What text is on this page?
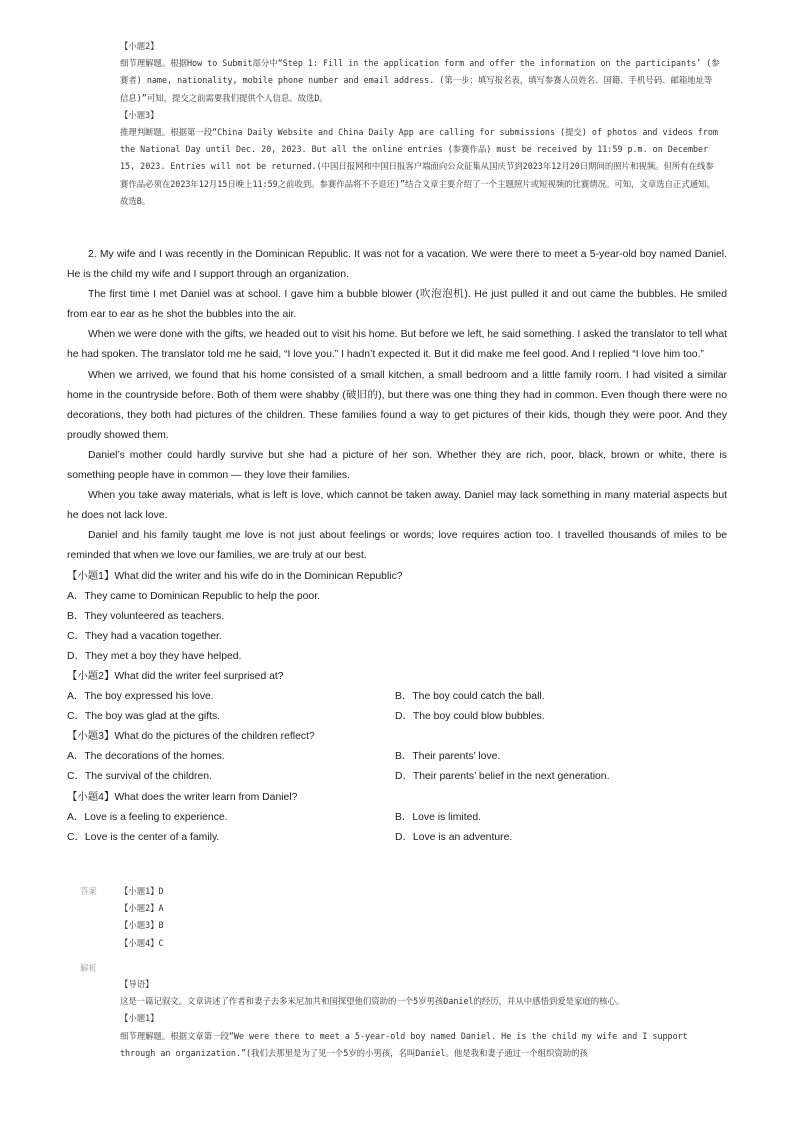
【小题2】
细节理解题。根据How to Submit部分中“Step 1: Fill in the application form and offer the information on the participants’ (参赛者) name, nationality, mobile phone number and email address. (第一步：填写报名表，填写参赛人员姓名、国籍、手机号码、邮箱地址等信息)”可知，提交之前需要我们提供个人信息。故选D。
【小题3】
推理判断题。根据第一段“China Daily Website and China Daily App are calling for submissions (提交) of photos and videos from the National Day until Dec. 20, 2023. But all the online entries (参赛作品) must be received by 11:59 p.m. on December 15, 2023. Entries will not be returned.(中国日报网和中国日报客户端面向公众征集从国庆节到2023年12月20日期间的照片和视频。但所有在线参赛作品必须在2023年12月15日晚上11:59之前收到。参赛作品将不予退还)”结合文章主要介绍了一个主题照片或短视频的比赛情况。可知，文章选自正式通知。故选B。

2. My wife and I was recently in the Dominican Republic. It was not for a vacation. We were there to meet a 5-year-old boy named Daniel. He is the child my wife and I support through an organization.

The first time I met Daniel was at school. I gave him a bubble blower (吹泡泡机). He just pulled it and out came the bubbles. He smiled from ear to ear as he shot the bubbles into the air.

When we were done with the gifts, we headed out to visit his home. But before we left, he said something. I asked the translator to tell what he had spoken. The translator told me he said, “I love you.” I hadn’t expected it. But it did make me feel good. And I replied “I love him too.”

When we arrived, we found that his home consisted of a small kitchen, a small bedroom and a little family room. I had visited a similar home in the countryside before. Both of them were shabby (破旧的), but there was one thing they had in common. Even though there were no decorations, they both had pictures of the children. These families found a way to get pictures of their kids, though they were poor. And they proudly showed them.

Daniel’s mother could hardly survive but she had a picture of her son. Whether they are rich, poor, black, brown or white, there is something people have in common — they love their families.

When you take away materials, what is left is love, which cannot be taken away. Daniel may lack something in many material aspects but he does not lack love.

Daniel and his family taught me love is not just about feelings or words; love requires action too. I travelled thousands of miles to be reminded that when we love our families, we are truly at our best.

【小题1】What did the writer and his wife do in the Dominican Republic?
A．They came to Dominican Republic to help the poor.
B．They volunteered as teachers.
C．They had a vacation together.
D．They met a boy they have helped.
【小题2】What did the writer feel surprised at?
A．The boy expressed his love.	B．The boy could catch the ball.
C．The boy was glad at the gifts.	D．The boy could blow bubbles.
【小题3】What do the pictures of the children reflect?
A．The decorations of the homes.	B．Their parents’ love.
C．The survival of the children.	D．Their parents’ belief in the next generation.
【小题4】What does the writer learn from Daniel?
A．Love is a feeling to experience.	B．Love is limited.
C．Love is the center of a family.	D．Love is an adventure.
答案	【小题1】D
【小题2】A
【小题3】B
【小题4】C
解析
【导语】
这是一篇记叙文。文章讲述了作者和妻子去多米尼加共和国探望他们资助的一个5岁男孩Daniel的经历，并从中感悟到爱是家庭的核心。
【小题1】
细节理解题。根据文章第一段“We were there to meet a 5-year-old boy named Daniel. He is the child my wife and I support through an organization.”(我们去那里是为了见一个5岁的小男孩，名叫Daniel。他是我和妻子通过一个组织资助的孩
